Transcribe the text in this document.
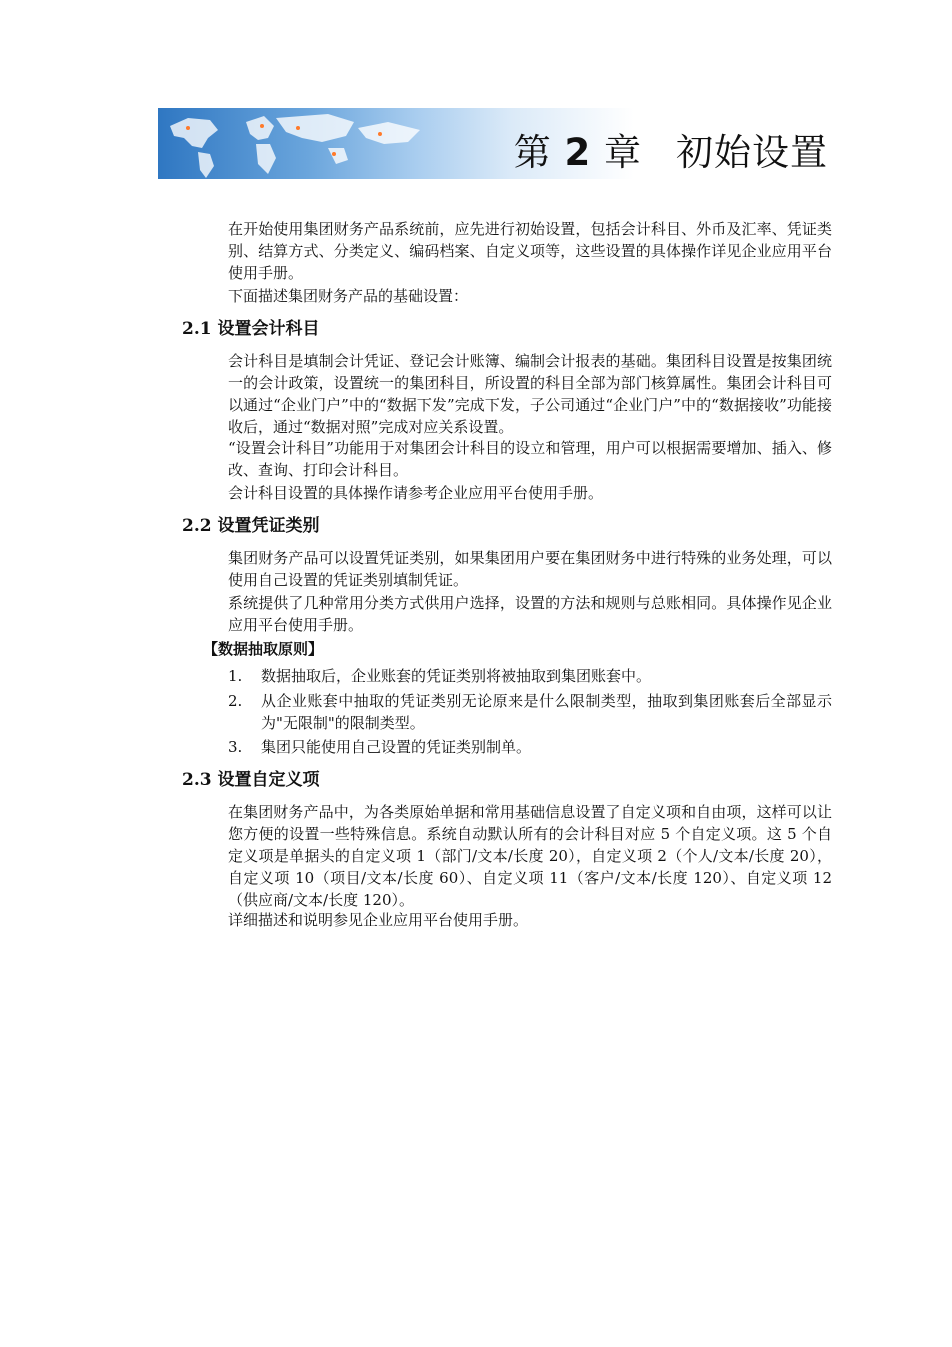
第 2 章 初始设置

在开始使用集团财务产品系统前，应先进行初始设置，包括会计科目、外币及汇率、凭证类别、结算方式、分类定义、编码档案、自定义项等，这些设置的具体操作详见企业应用平台使用手册。

下面描述集团财务产品的基础设置：

2.1 设置会计科目

会计科目是填制会计凭证、登记会计账簿、编制会计报表的基础。集团科目设置是按集团统一的会计政策，设置统一的集团科目，所设置的科目全部为部门核算属性。集团会计科目可以通过“企业门户”中的“数据下发”完成下发，子公司通过“企业门户”中的“数据接收”功能接收后，通过“数据对照”完成对应关系设置。

“设置会计科目”功能用于对集团会计科目的设立和管理，用户可以根据需要增加、插入、修改、查询、打印会计科目。

会计科目设置的具体操作请参考企业应用平台使用手册。

2.2 设置凭证类别

集团财务产品可以设置凭证类别，如果集团用户要在集团财务中进行特殊的业务处理，可以使用自己设置的凭证类别填制凭证。

系统提供了几种常用分类方式供用户选择，设置的方法和规则与总账相同。具体操作见企业应用平台使用手册。

【数据抽取原则】
1. 数据抽取后，企业账套的凭证类别将被抽取到集团账套中。
2. 从企业账套中抽取的凭证类别无论原来是什么限制类型，抽取到集团账套后全部显示为"无限制"的限制类型。
3. 集团只能使用自己设置的凭证类别制单。
2.3 设置自定义项

在集团财务产品中，为各类原始单据和常用基础信息设置了自定义项和自由项，这样可以让您方便的设置一些特殊信息。系统自动默认所有的会计科目对应 5 个自定义项。这 5 个自定义项是单据头的自定义项 1（部门/文本/长度 20），自定义项 2（个人/文本/长度 20），自定义项 10（项目/文本/长度 60）、自定义项 11（客户/文本/长度 120）、自定义项 12（供应商/文本/长度 120）。

详细描述和说明参见企业应用平台使用手册。
